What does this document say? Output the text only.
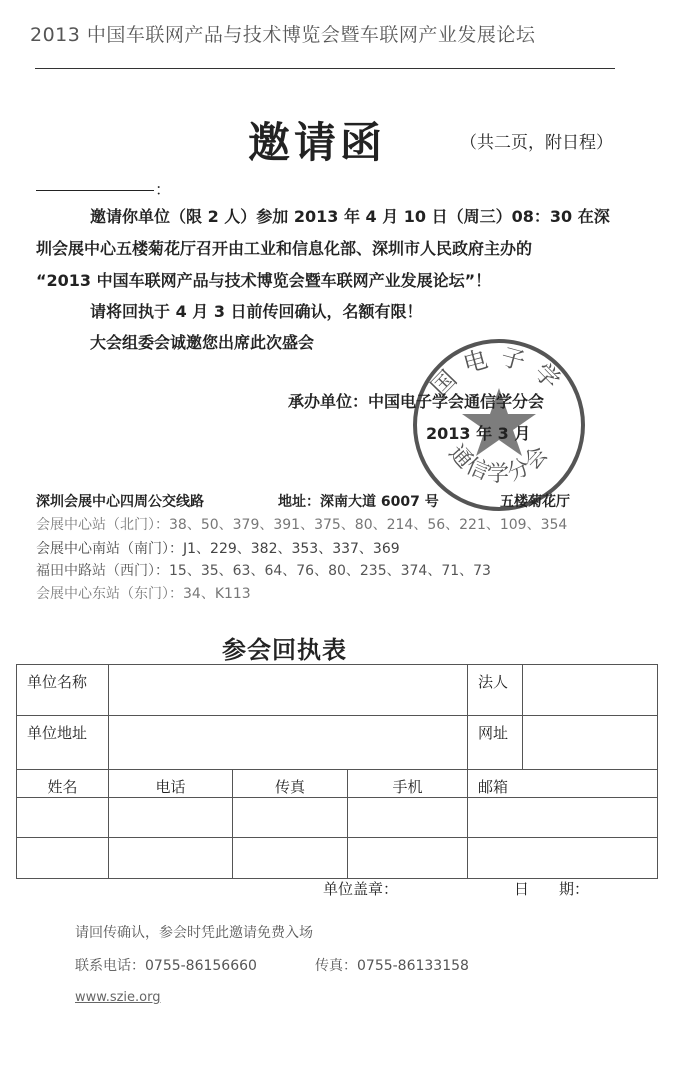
2013 中国车联网产品与技术博览会暨车联网产业发展论坛
邀请函	（共二页，附日程）
：
邀请你单位（限 2 人）参加 2013 年 4 月 10 日（周三）08：30 在深
圳会展中心五楼菊花厅召开由工业和信息化部、深圳市人民政府主办的
“2013 中国车联网产品与技术博览会暨车联网产业发展论坛”！
请将回执于 4 月 3 日前传回确认，名额有限！
大会组委会诚邀您出席此次盛会
国电子学
通信学分会
承办单位：中国电子学会通信学分会
2013 年 3 月
深圳会展中心四周公交线路	地址：深南大道 6007 号	五楼菊花厅
会展中心站（北门）：38、50、379、391、375、80、214、56、221、109、354
会展中心南站（南门）：J1、229、382、353、337、369
福田中路站（西门）：15、35、63、64、76、80、235、374、71、73
会展中心东站（东门）：34、K113
参会回执表
单位名称				法人	

单位地址				网址	

姓名	电话	传真	手机	邮箱	

单位盖章：	日　　期：
请回传确认，参会时凭此邀请免费入场
联系电话：0755-86156660	传真：0755-86133158
www.szie.org
